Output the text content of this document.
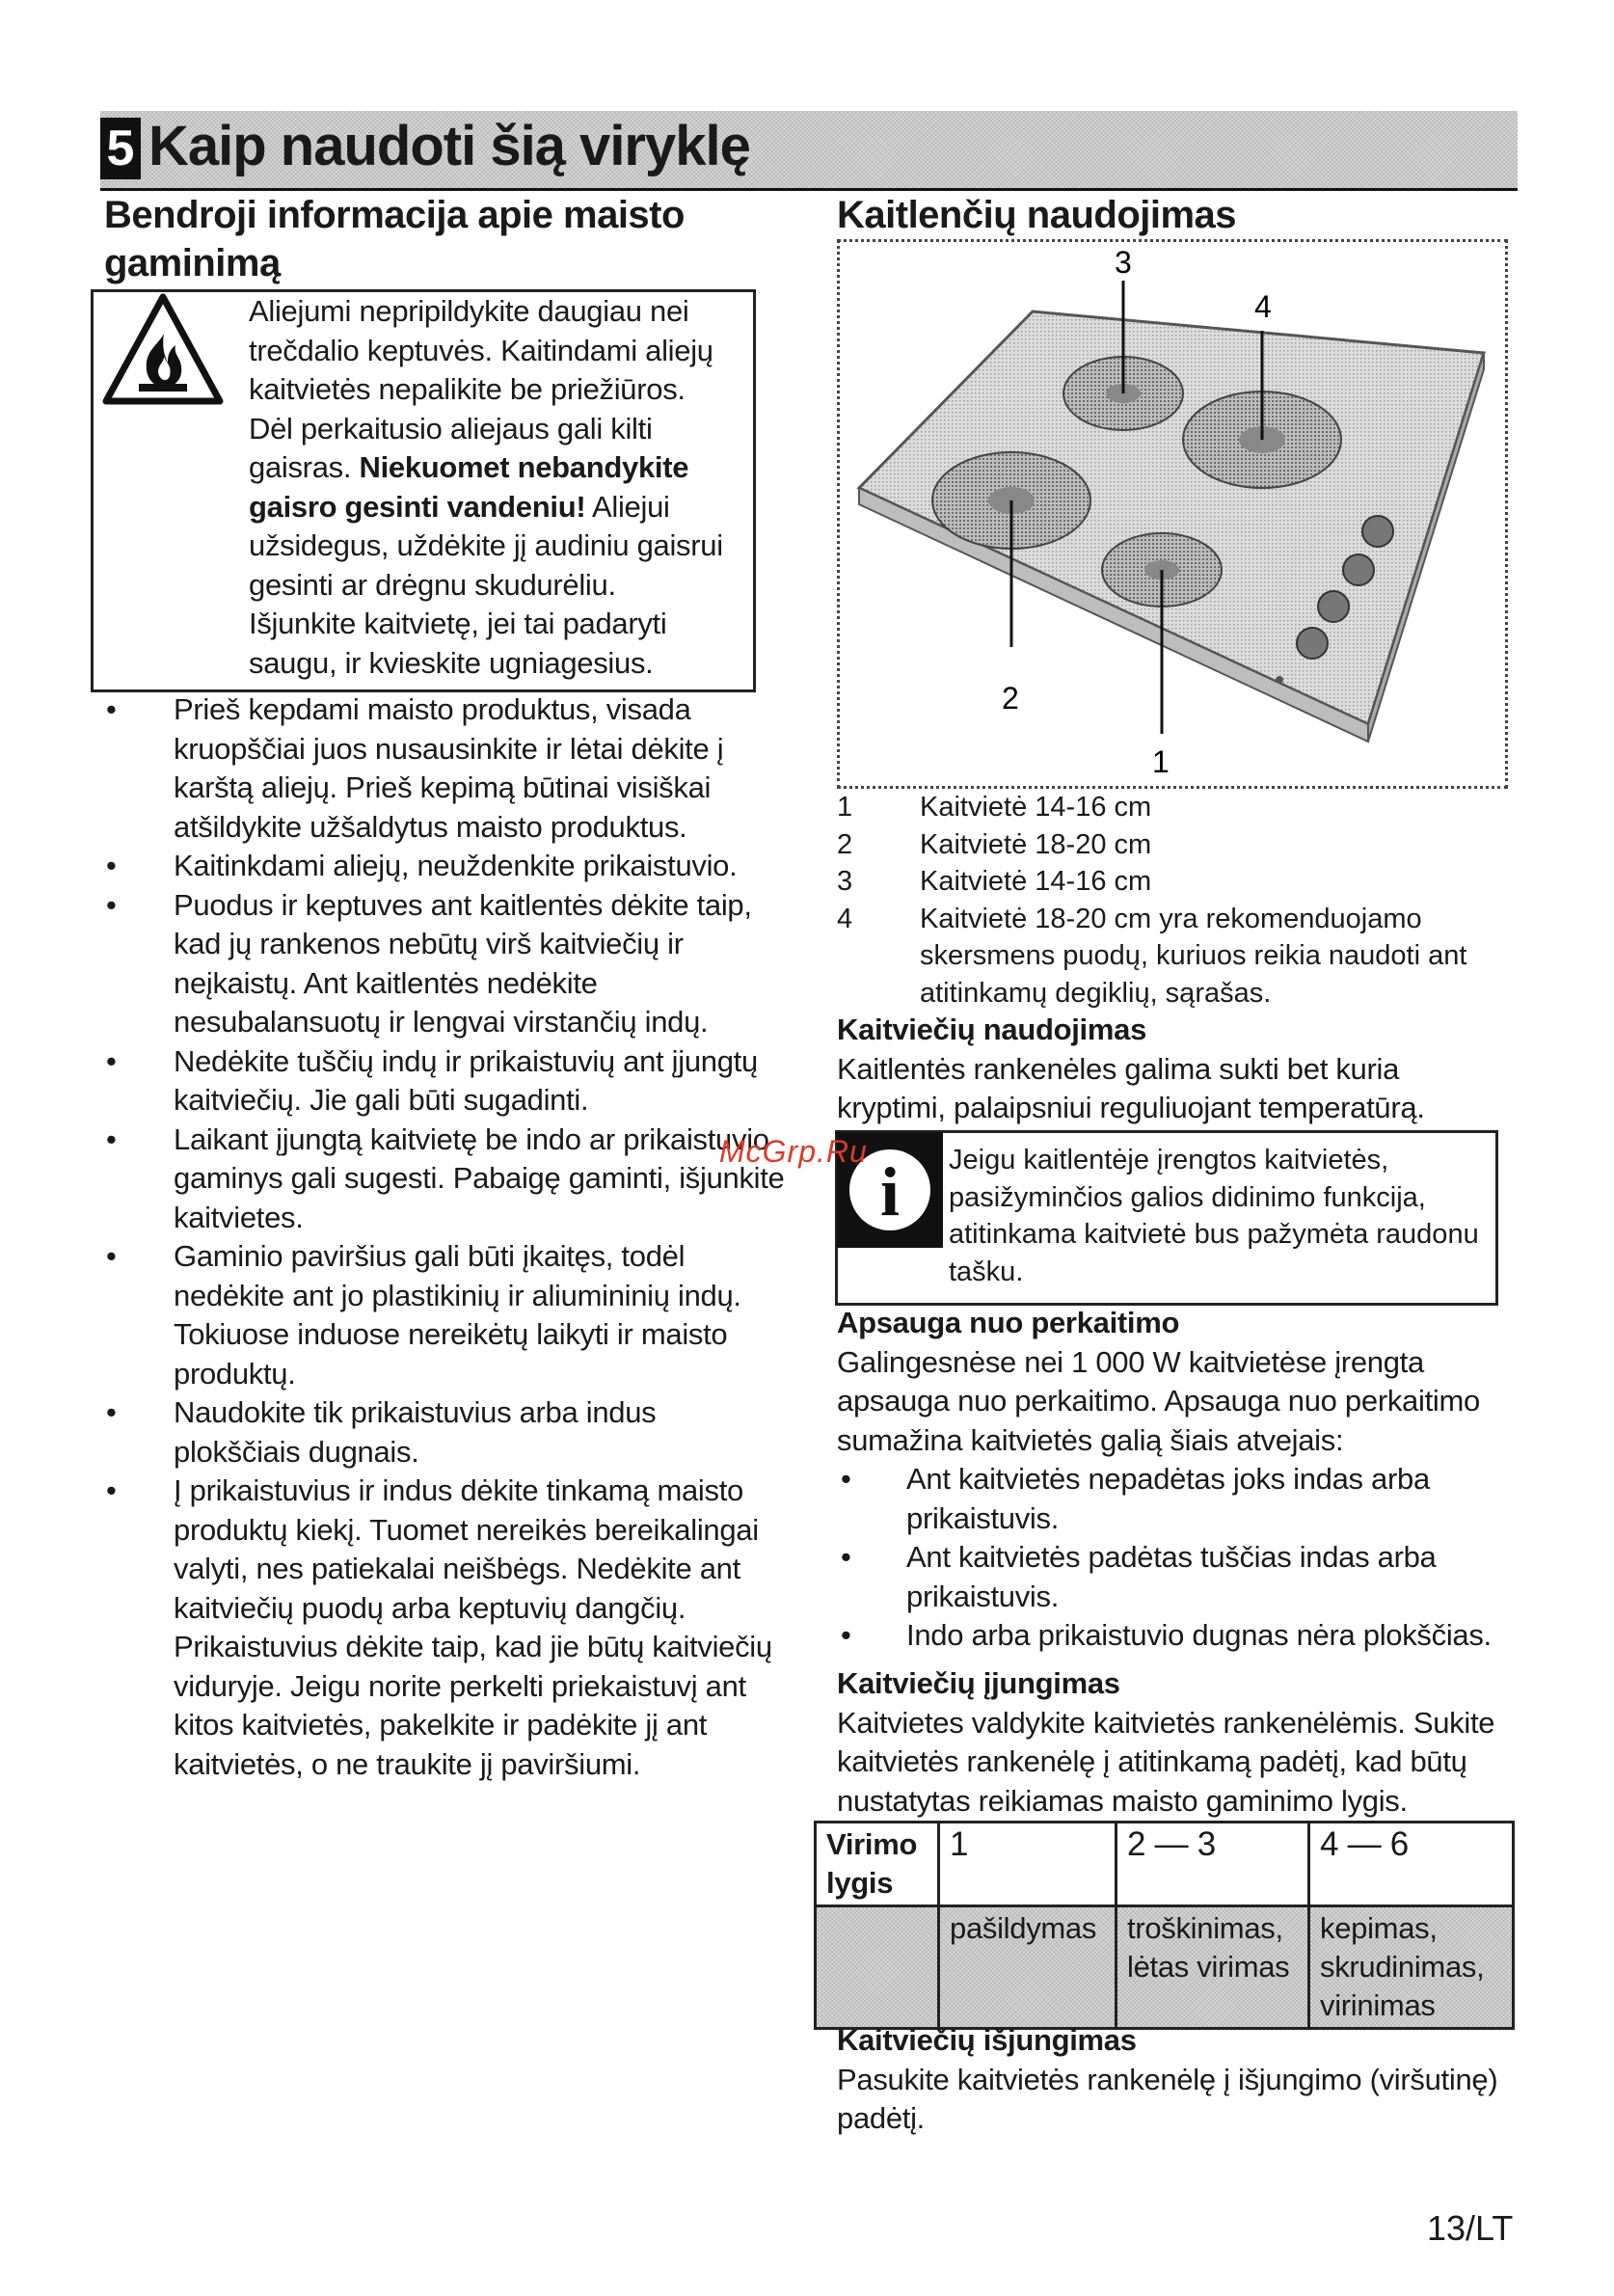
5 Kaip naudoti šią viryklę
Bendroji informacija apie maisto gaminimą
Aliejumi nepripildykite daugiau nei trečdalio keptuvės. Kaitindami aliejų kaitvietės nepalikite be priežiūros. Dėl perkaitusio aliejaus gali kilti gaisras. Niekuomet nebandykite gaisro gesinti vandeniu! Aliejui užsidegus, uždėkite jį audiniu gaisrui gesinti ar drėgnu skudurėliu. Išjunkite kaitvietę, jei tai padaryti saugu, ir kvieskite ugniagesius.
• Prieš kepdami maisto produktus, visada kruopščiai juos nusausinkite ir lėtai dėkite į karštą aliejų. Prieš kepimą būtinai visiškai atšildykite užšaldytus maisto produktus.
• Kaitinkdami aliejų, neuždenkite prikaistuvio.
• Puodus ir keptuves ant kaitlentės dėkite taip, kad jų rankenos nebūtų virš kaitviečių ir neįkaistų. Ant kaitlentės nedėkite nesubalansuotų ir lengvai virstančių indų.
• Nedėkite tuščių indų ir prikaistuvių ant įjungtų kaitviečių. Jie gali būti sugadinti.
• Laikant įjungtą kaitvietę be indo ar prikaistuvio gaminys gali sugesti. Pabaigę gaminti, išjunkite kaitvietes.
• Gaminio paviršius gali būti įkaitęs, todėl nedėkite ant jo plastikinių ir aliumininių indų. Tokiuose induose nereikėtų laikyti ir maisto produktų.
• Naudokite tik prikaistuvius arba indus plokščiais dugnais.
• Į prikaistuvius ir indus dėkite tinkamą maisto produktų kiekį. Tuomet nereikės bereikalingai valyti, nes patiekalai neišbėgs. Nedėkite ant kaitviečių puodų arba keptuvių dangčių. Prikaistuvius dėkite taip, kad jie būtų kaitviečių viduryje. Jeigu norite perkelti priekaistuvį ant kitos kaitvietės, pakelkite ir padėkite jį ant kaitvietės, o ne traukite jį paviršiumi.
Kaitlenčių naudojimas
3
4
2
1
1	Kaitvietė 14-16 cm
2	Kaitvietė 18-20 cm
3	Kaitvietė 14-16 cm
4	Kaitvietė 18-20 cm yra rekomenduojamo skersmens puodų, kuriuos reikia naudoti ant atitinkamų degiklių, sąrašas.
Kaitviečių naudojimas
Kaitlentės rankenėles galima sukti bet kuria kryptimi, palaipsniui reguliuojant temperatūrą.
i Jeigu kaitlentėje įrengtos kaitvietės, pasižyminčios galios didinimo funkcija, atitinkama kaitvietė bus pažymėta raudonu tašku.
Apsauga nuo perkaitimo
Galingesnėse nei 1 000 W kaitvietėse įrengta apsauga nuo perkaitimo. Apsauga nuo perkaitimo sumažina kaitvietės galią šiais atvejais:
• Ant kaitvietės nepadėtas joks indas arba prikaistuvis.
• Ant kaitvietės padėtas tuščias indas arba prikaistuvis.
• Indo arba prikaistuvio dugnas nėra plokščias.
Kaitviečių įjungimas
Kaitvietes valdykite kaitvietės rankenėlėmis. Sukite kaitvietės rankenėlę į atitinkamą padėtį, kad būtų nustatytas reikiamas maisto gaminimo lygis.
Virimo lygis	1	2 — 3	4 — 6
	pašildymas	troškinimas, lėtas virimas	kepimas, skrudinimas, virinimas
Kaitviečių išjungimas
Pasukite kaitvietės rankenėlę į išjungimo (viršutinę) padėtį.
13/LT
McGrp.Ru
